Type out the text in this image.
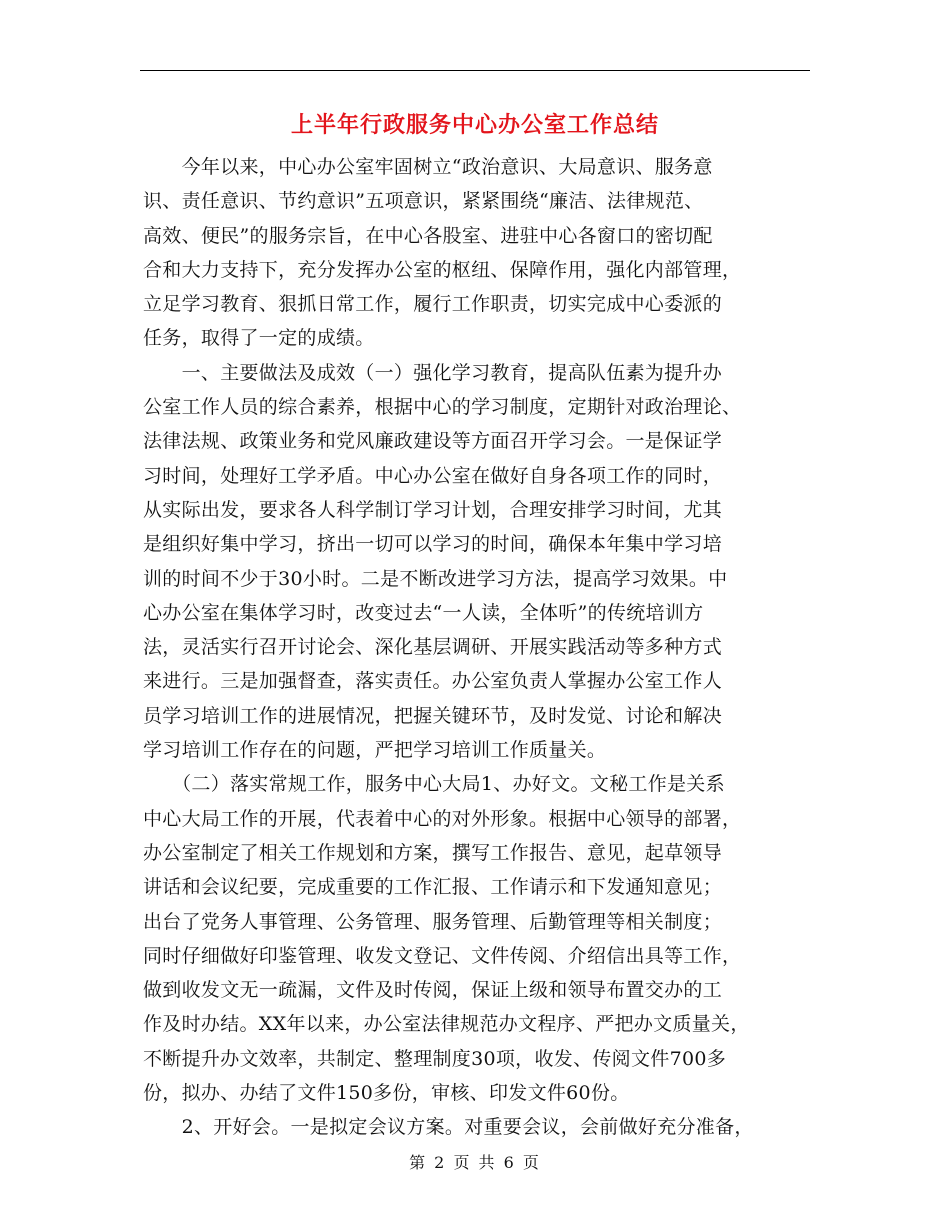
上半年行政服务中心办公室工作总结
　　今年以来，中心办公室牢固树立“政治意识、大局意识、服务意
识、责任意识、节约意识”五项意识，紧紧围绕“廉洁、法律规范、
高效、便民”的服务宗旨，在中心各股室、进驻中心各窗口的密切配
合和大力支持下，充分发挥办公室的枢纽、保障作用，强化内部管理，
立足学习教育、狠抓日常工作，履行工作职责，切实完成中心委派的
任务，取得了一定的成绩。
　　一、主要做法及成效（一）强化学习教育，提高队伍素为提升办
公室工作人员的综合素养，根据中心的学习制度，定期针对政治理论、
法律法规、政策业务和党风廉政建设等方面召开学习会。一是保证学
习时间，处理好工学矛盾。中心办公室在做好自身各项工作的同时，
从实际出发，要求各人科学制订学习计划，合理安排学习时间，尤其
是组织好集中学习，挤出一切可以学习的时间，确保本年集中学习培
训的时间不少于30小时。二是不断改进学习方法，提高学习效果。中
心办公室在集体学习时，改变过去“一人读，全体听”的传统培训方
法，灵活实行召开讨论会、深化基层调研、开展实践活动等多种方式
来进行。三是加强督查，落实责任。办公室负责人掌握办公室工作人
员学习培训工作的进展情况，把握关键环节，及时发觉、讨论和解决
学习培训工作存在的问题，严把学习培训工作质量关。
　　（二）落实常规工作，服务中心大局1、办好文。文秘工作是关系
中心大局工作的开展，代表着中心的对外形象。根据中心领导的部署，
办公室制定了相关工作规划和方案，撰写工作报告、意见，起草领导
讲话和会议纪要，完成重要的工作汇报、工作请示和下发通知意见；
出台了党务人事管理、公务管理、服务管理、后勤管理等相关制度；
同时仔细做好印鉴管理、收发文登记、文件传阅、介绍信出具等工作，
做到收发文无一疏漏，文件及时传阅，保证上级和领导布置交办的工
作及时办结。XX年以来，办公室法律规范办文程序、严把办文质量关，
不断提升办文效率，共制定、整理制度30项，收发、传阅文件700多
份，拟办、办结了文件150多份，审核、印发文件60份。
　　2、开好会。一是拟定会议方案。对重要会议，会前做好充分准备，
第 2 页 共 6 页
